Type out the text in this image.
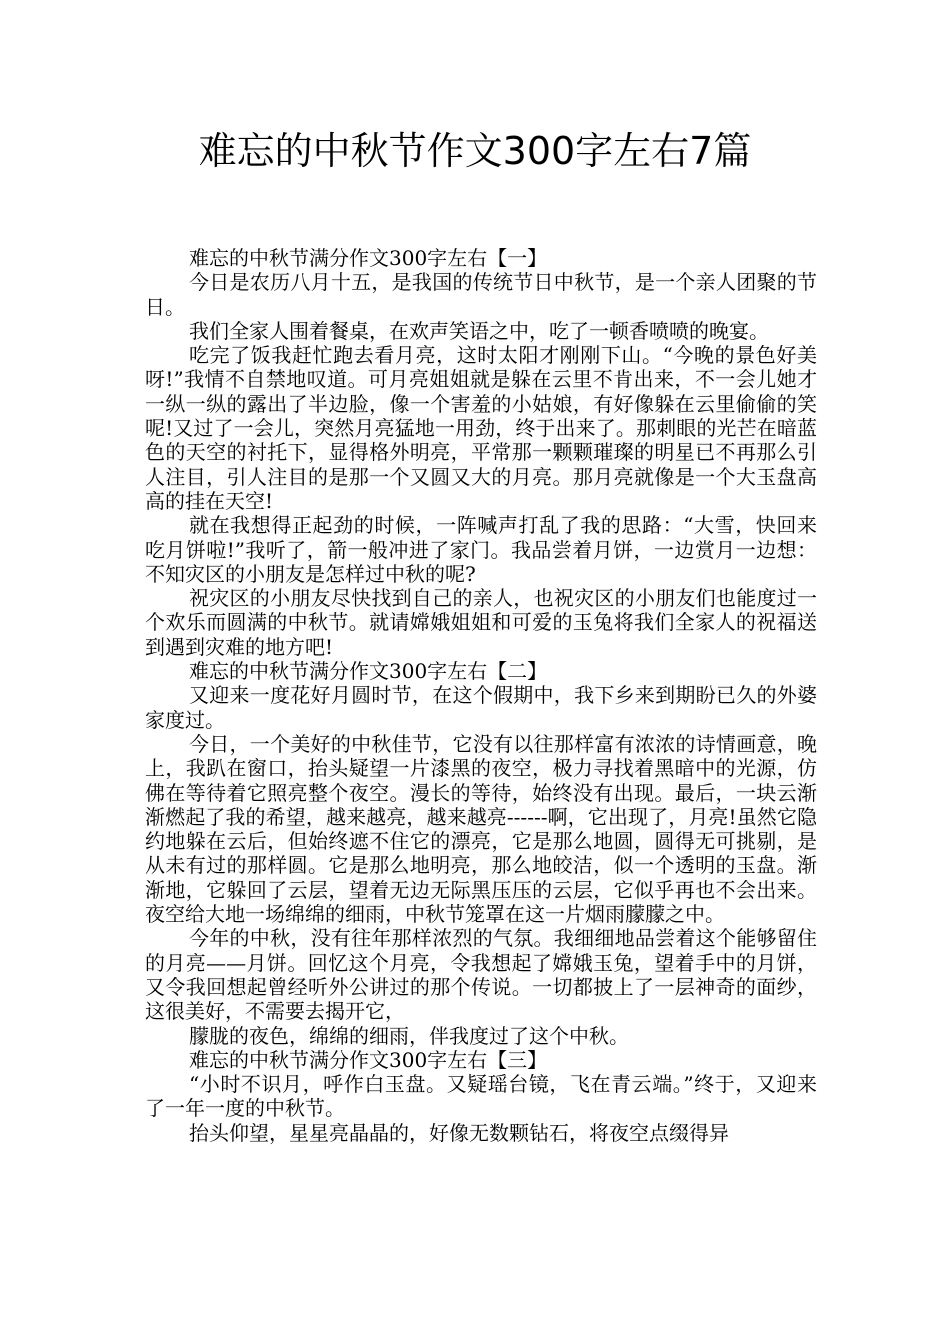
难忘的中秋节作文300字左右7篇

难忘的中秋节满分作文300字左右【一】

今日是农历八月十五，是我国的传统节日中秋节，是一个亲人团聚的节日。

我们全家人围着餐桌，在欢声笑语之中，吃了一顿香喷喷的晚宴。

吃完了饭我赶忙跑去看月亮，这时太阳才刚刚下山。“今晚的景色好美呀!”我情不自禁地叹道。可月亮姐姐就是躲在云里不肯出来，不一会儿她才一纵一纵的露出了半边脸，像一个害羞的小姑娘，有好像躲在云里偷偷的笑呢!又过了一会儿，突然月亮猛地一用劲，终于出来了。那刺眼的光芒在暗蓝色的天空的衬托下，显得格外明亮，平常那一颗颗璀璨的明星已不再那么引人注目，引人注目的是那一个又圆又大的月亮。那月亮就像是一个大玉盘高高的挂在天空!

就在我想得正起劲的时候，一阵喊声打乱了我的思路：“大雪，快回来吃月饼啦!”我听了，箭一般冲进了家门。我品尝着月饼，一边赏月一边想：不知灾区的小朋友是怎样过中秋的呢?

祝灾区的小朋友尽快找到自己的亲人，也祝灾区的小朋友们也能度过一个欢乐而圆满的中秋节。就请嫦娥姐姐和可爱的玉兔将我们全家人的祝福送到遇到灾难的地方吧!

难忘的中秋节满分作文300字左右【二】

又迎来一度花好月圆时节，在这个假期中，我下乡来到期盼已久的外婆家度过。

今日，一个美好的中秋佳节，它没有以往那样富有浓浓的诗情画意，晚上，我趴在窗口，抬头疑望一片漆黑的夜空，极力寻找着黑暗中的光源，仿佛在等待着它照亮整个夜空。漫长的等待，始终没有出现。最后，一块云渐渐燃起了我的希望，越来越亮，越来越亮------啊，它出现了，月亮!虽然它隐约地躲在云后，但始终遮不住它的漂亮，它是那么地圆，圆得无可挑剔，是从未有过的那样圆。它是那么地明亮，那么地皎洁，似一个透明的玉盘。渐渐地，它躲回了云层，望着无边无际黑压压的云层，它似乎再也不会出来。夜空给大地一场绵绵的细雨，中秋节笼罩在这一片烟雨朦朦之中。

今年的中秋，没有往年那样浓烈的气氛。我细细地品尝着这个能够留住的月亮——月饼。回忆这个月亮，令我想起了嫦娥玉兔，望着手中的月饼，又令我回想起曾经听外公讲过的那个传说。一切都披上了一层神奇的面纱，这很美好，不需要去揭开它，

朦胧的夜色，绵绵的细雨，伴我度过了这个中秋。

难忘的中秋节满分作文300字左右【三】

“小时不识月，呼作白玉盘。又疑瑶台镜，飞在青云端。”终于，又迎来了一年一度的中秋节。

抬头仰望，星星亮晶晶的，好像无数颗钻石，将夜空点缀得异
